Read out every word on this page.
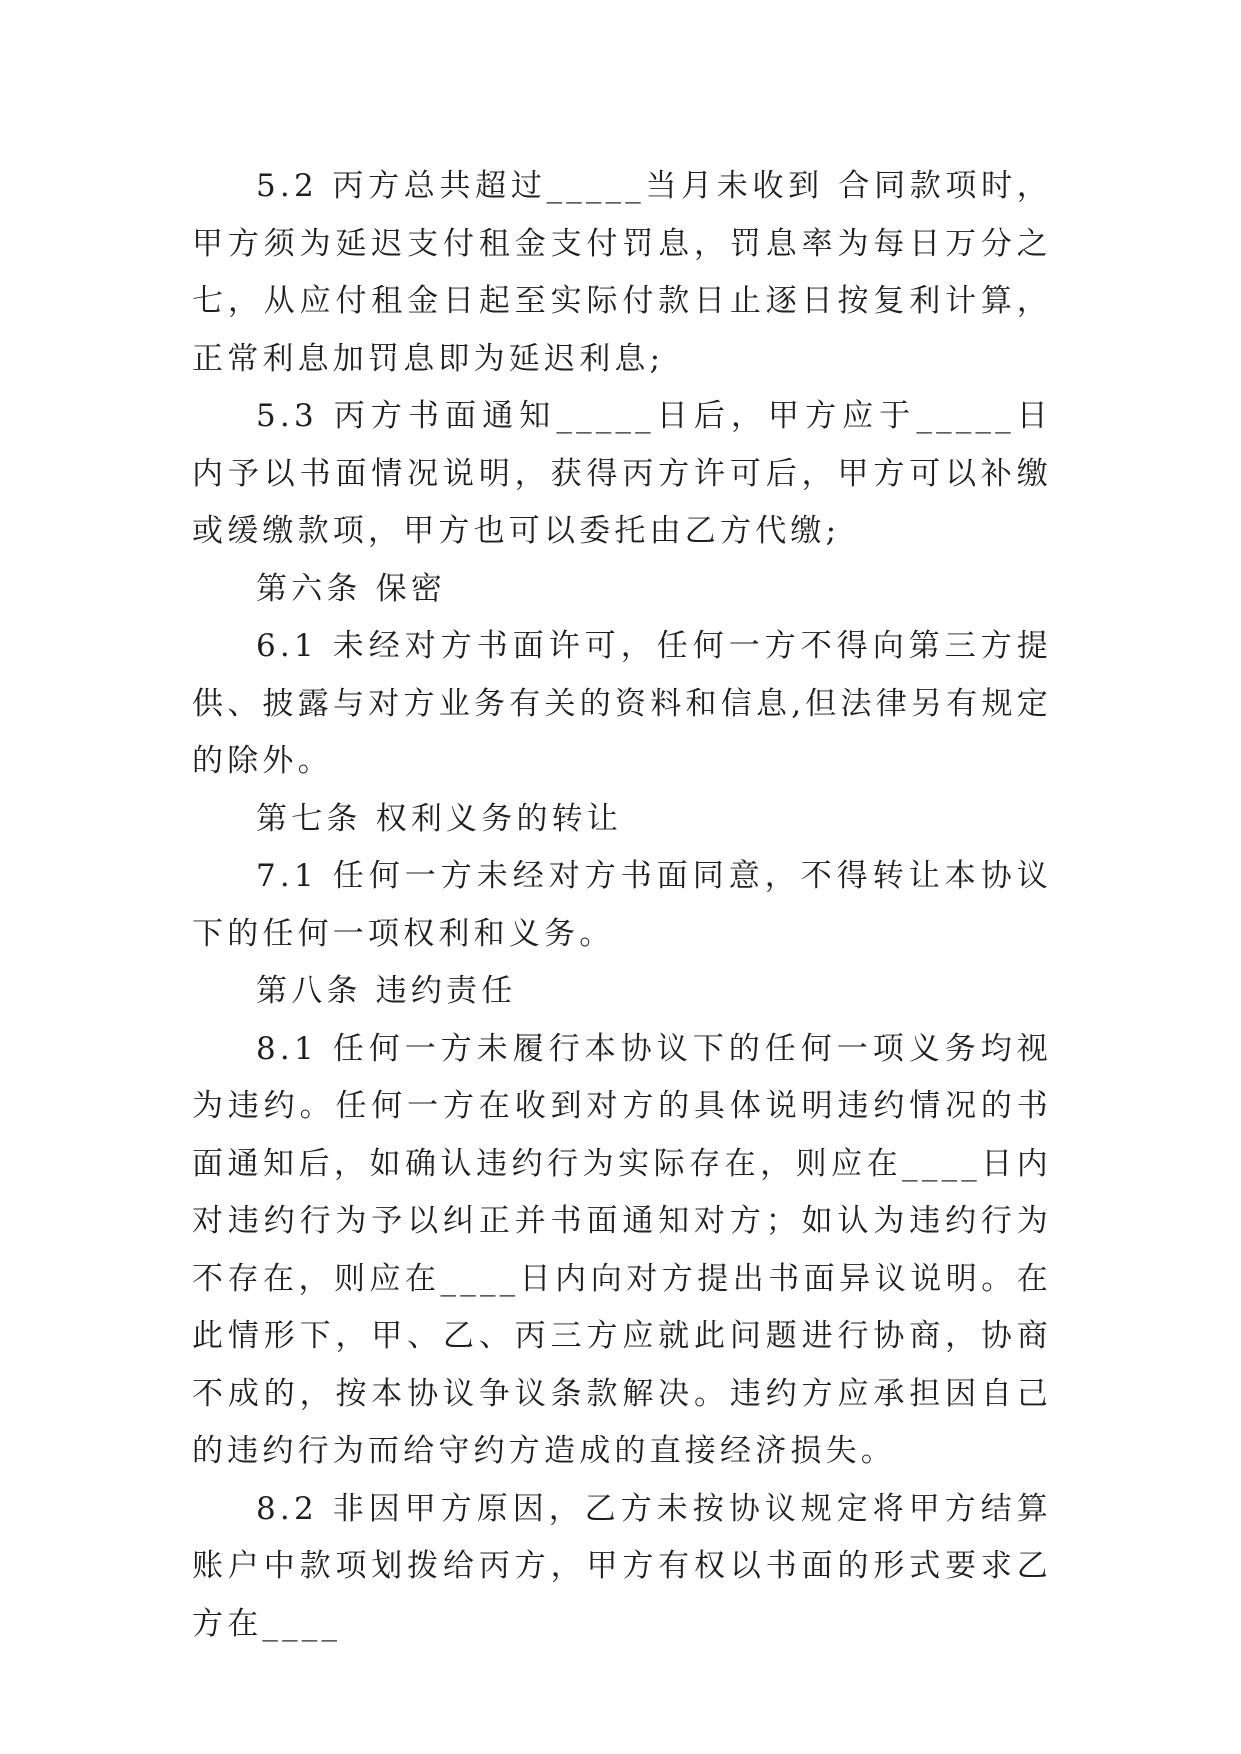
5.2 丙方总共超过_____当月未收到 合同款项时，甲方须为延迟支付租金支付罚息，罚息率为每日万分之七，从应付租金日起至实际付款日止逐日按复利计算，正常利息加罚息即为延迟利息;

5.3 丙方书面通知_____日后，甲方应于_____日内予以书面情况说明，获得丙方许可后，甲方可以补缴或缓缴款项，甲方也可以委托由乙方代缴;

第六条 保密

6.1 未经对方书面许可，任何一方不得向第三方提供、披露与对方业务有关的资料和信息,但法律另有规定的除外。

第七条 权利义务的转让

7.1 任何一方未经对方书面同意，不得转让本协议下的任何一项权利和义务。

第八条 违约责任

8.1 任何一方未履行本协议下的任何一项义务均视为违约。任何一方在收到对方的具体说明违约情况的书面通知后，如确认违约行为实际存在，则应在____日内对违约行为予以纠正并书面通知对方；如认为违约行为不存在，则应在____日内向对方提出书面异议说明。在此情形下，甲、乙、丙三方应就此问题进行协商，协商不成的，按本协议争议条款解决。违约方应承担因自己的违约行为而给守约方造成的直接经济损失。

8.2 非因甲方原因，乙方未按协议规定将甲方结算账户中款项划拨给丙方，甲方有权以书面的形式要求乙方在____
